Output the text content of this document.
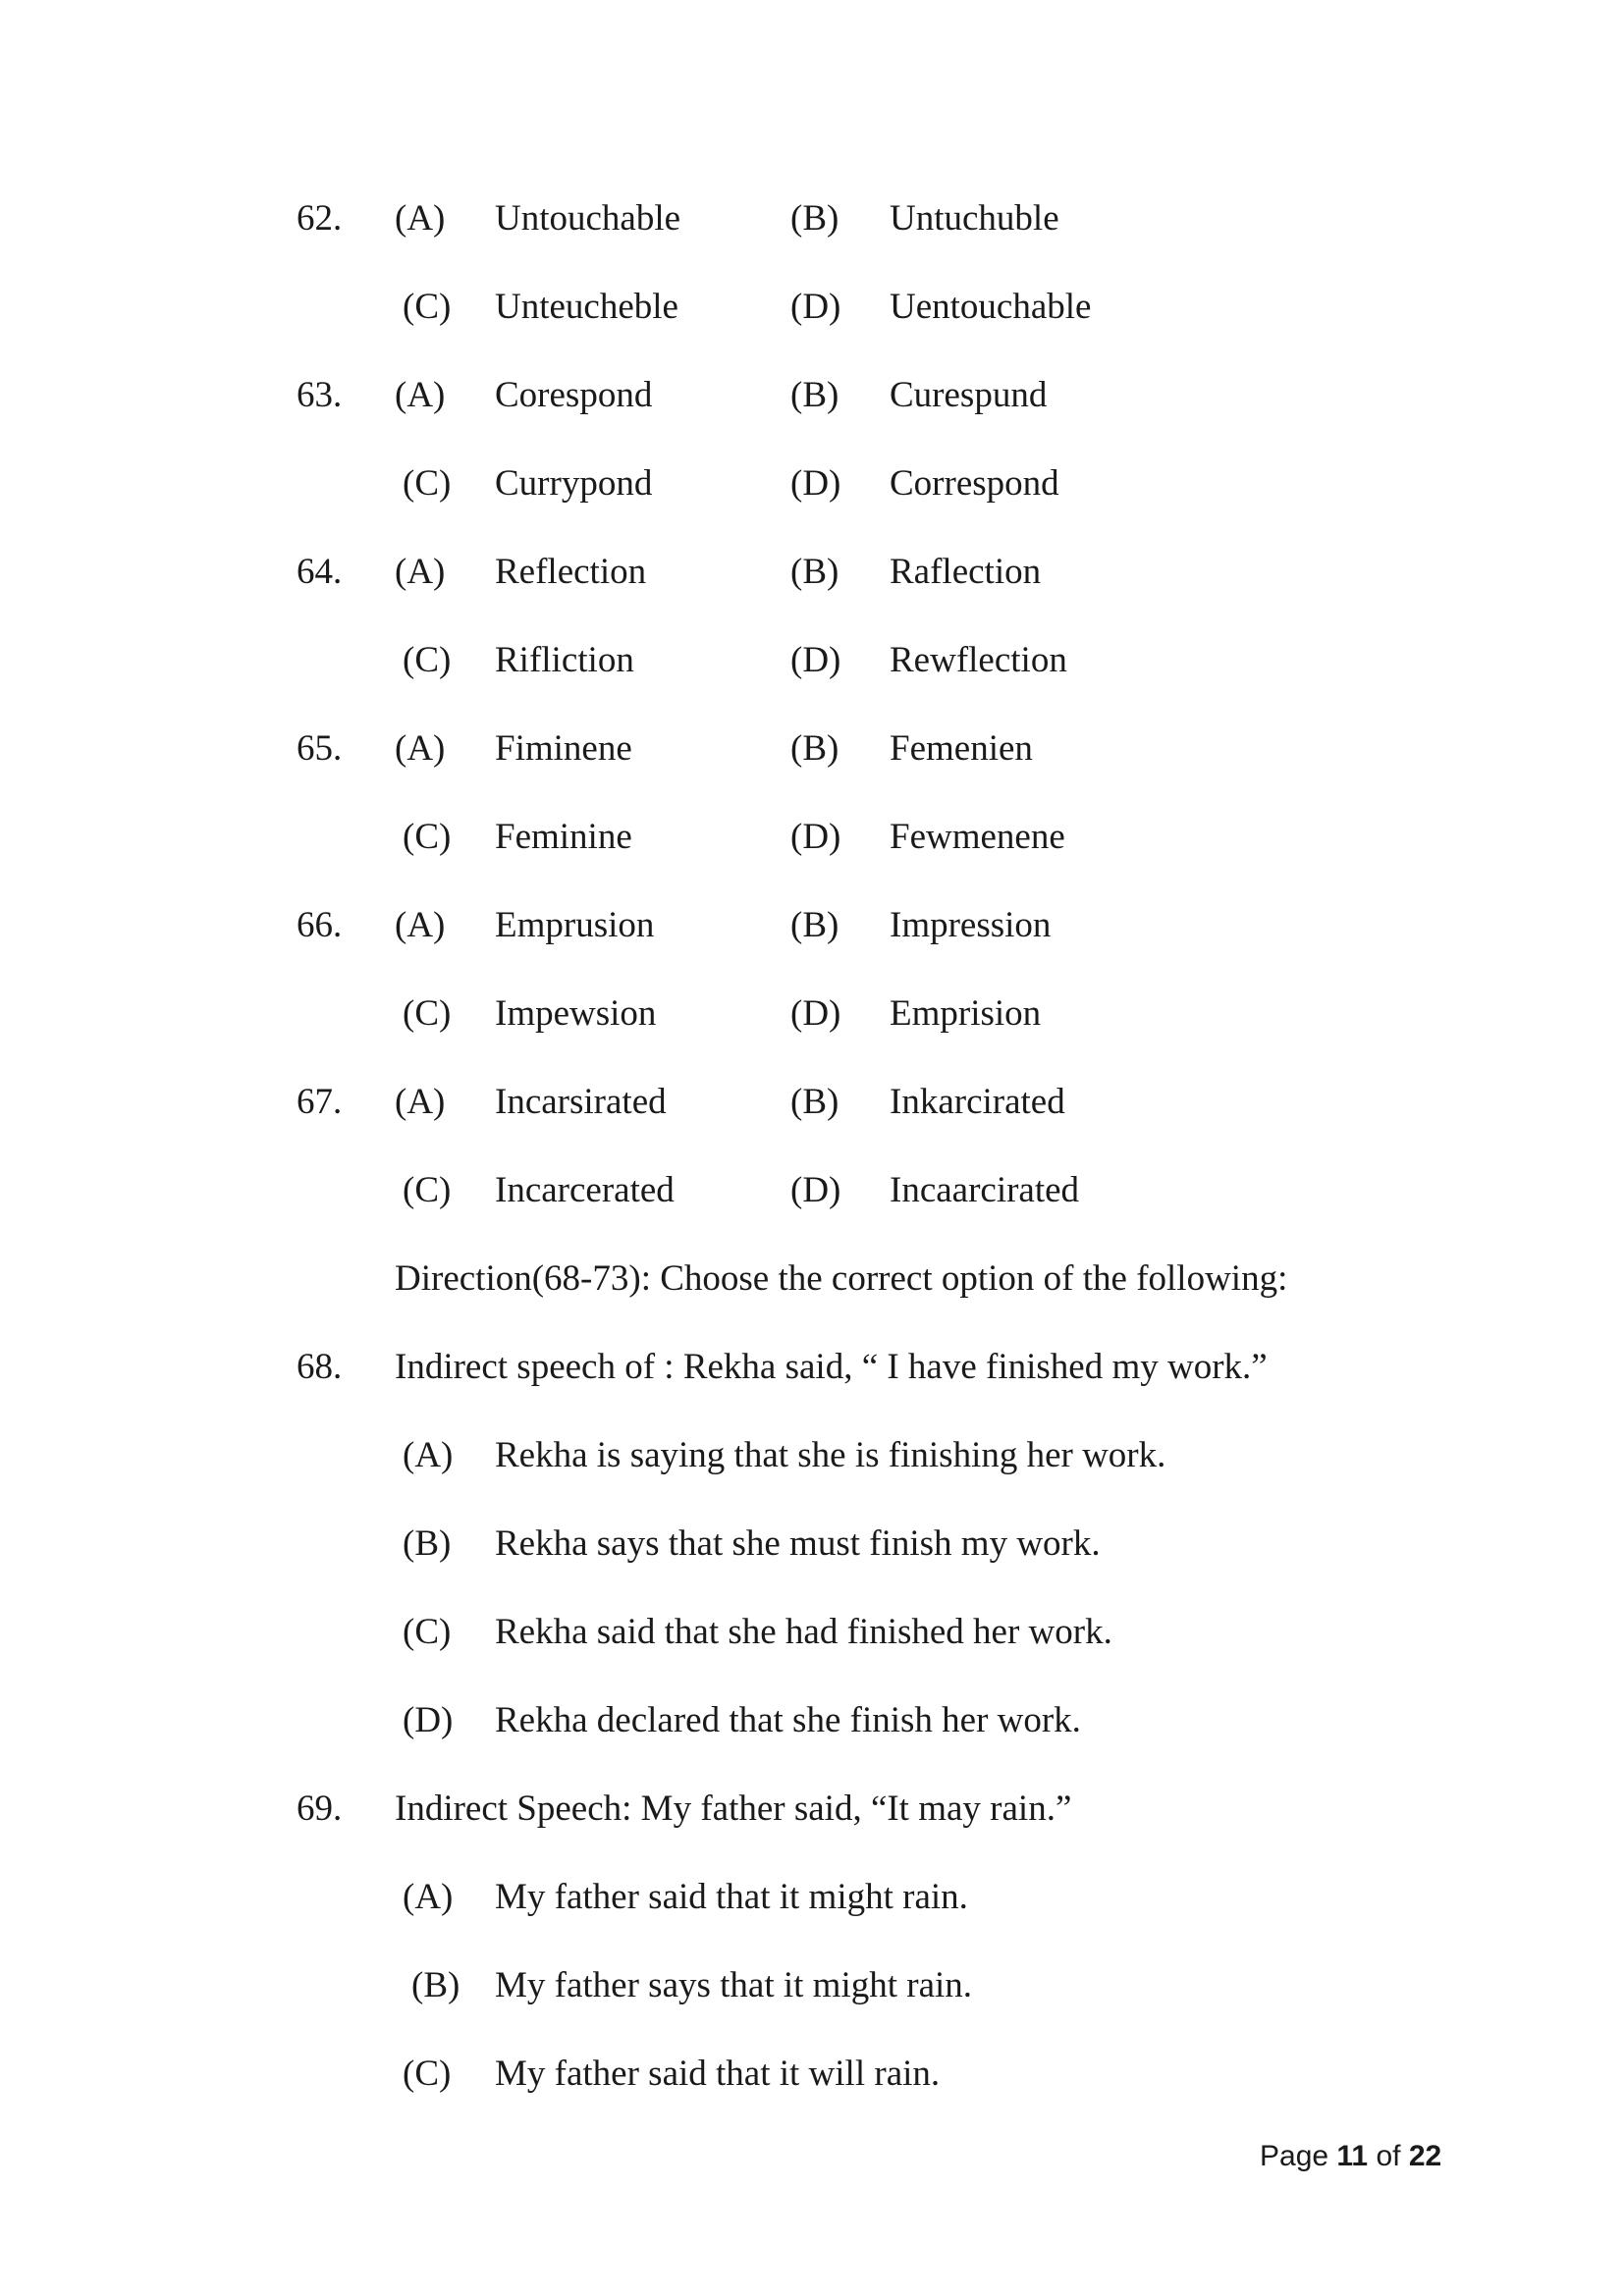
62. (A) Untouchable	(B) Untuchuble
(C) Unteucheble	(D) Uentouchable
63. (A) Corespond	(B) Curespund
(C) Currypond	(D) Correspond
64. (A) Reflection	(B) Raflection
(C) Rifliction	(D) Rewflection
65. (A) Fiminene	(B) Femenien
(C) Feminine	(D) Fewmenene
66. (A) Emprusion	(B) Impression
(C) Impewsion	(D) Emprision
67. (A) Incarsirated	(B) Inkarcirated
(C) Incarcerated	(D) Incaarcirated
Direction(68-73): Choose the correct option of the following:
68. Indirect speech of : Rekha said, “ I have finished my work.”
(A) Rekha is saying that she is finishing her work.
(B) Rekha says that she must finish my work.
(C) Rekha said that she had finished her work.
(D) Rekha declared that she finish her work.
69. Indirect Speech: My father said, “It may rain.”
(A) My father said that it might rain.
(B) My father says that it might rain.
(C) My father said that it will rain.
Page 11 of 22
